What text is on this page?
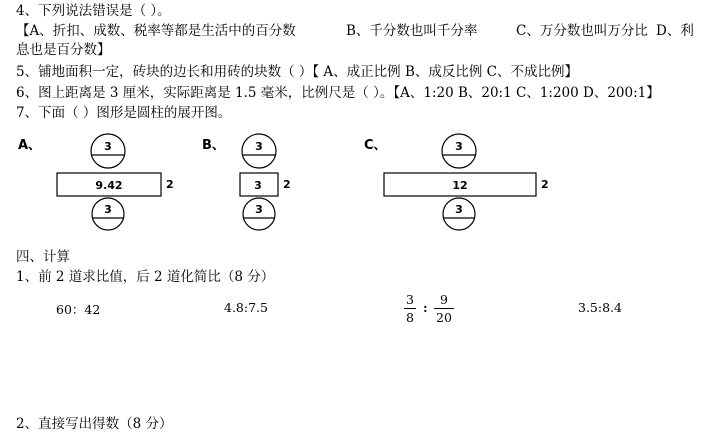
4、下列说法错误是（ ）。
【A、折扣、成数、税率等都是生活中的百分数	B、千分数也叫千分率	C、万分数也叫万分比 D、利
息也是百分数】
5、铺地面积一定，砖块的边长和用砖的块数（ ）【 A、成正比例 B、成反比例 C、不成比例】
6、图上距离是 3 厘米，实际距离是 1.5 毫米，比例尺是（ ）。【A、1:20 B、20:1 C、1:200 D、200:1】
7、下面（ ）图形是圆柱的展开图。
A、	3
9.42	2
3
B、	3
3 2
3
C、	3
12	2
3
四、计算
1、前 2 道求比值，后 2 道化简比（8 分）
60：42	4.8:7.5
3
8
:
9
20
3.5:8.4
2、直接写出得数（8 分）
